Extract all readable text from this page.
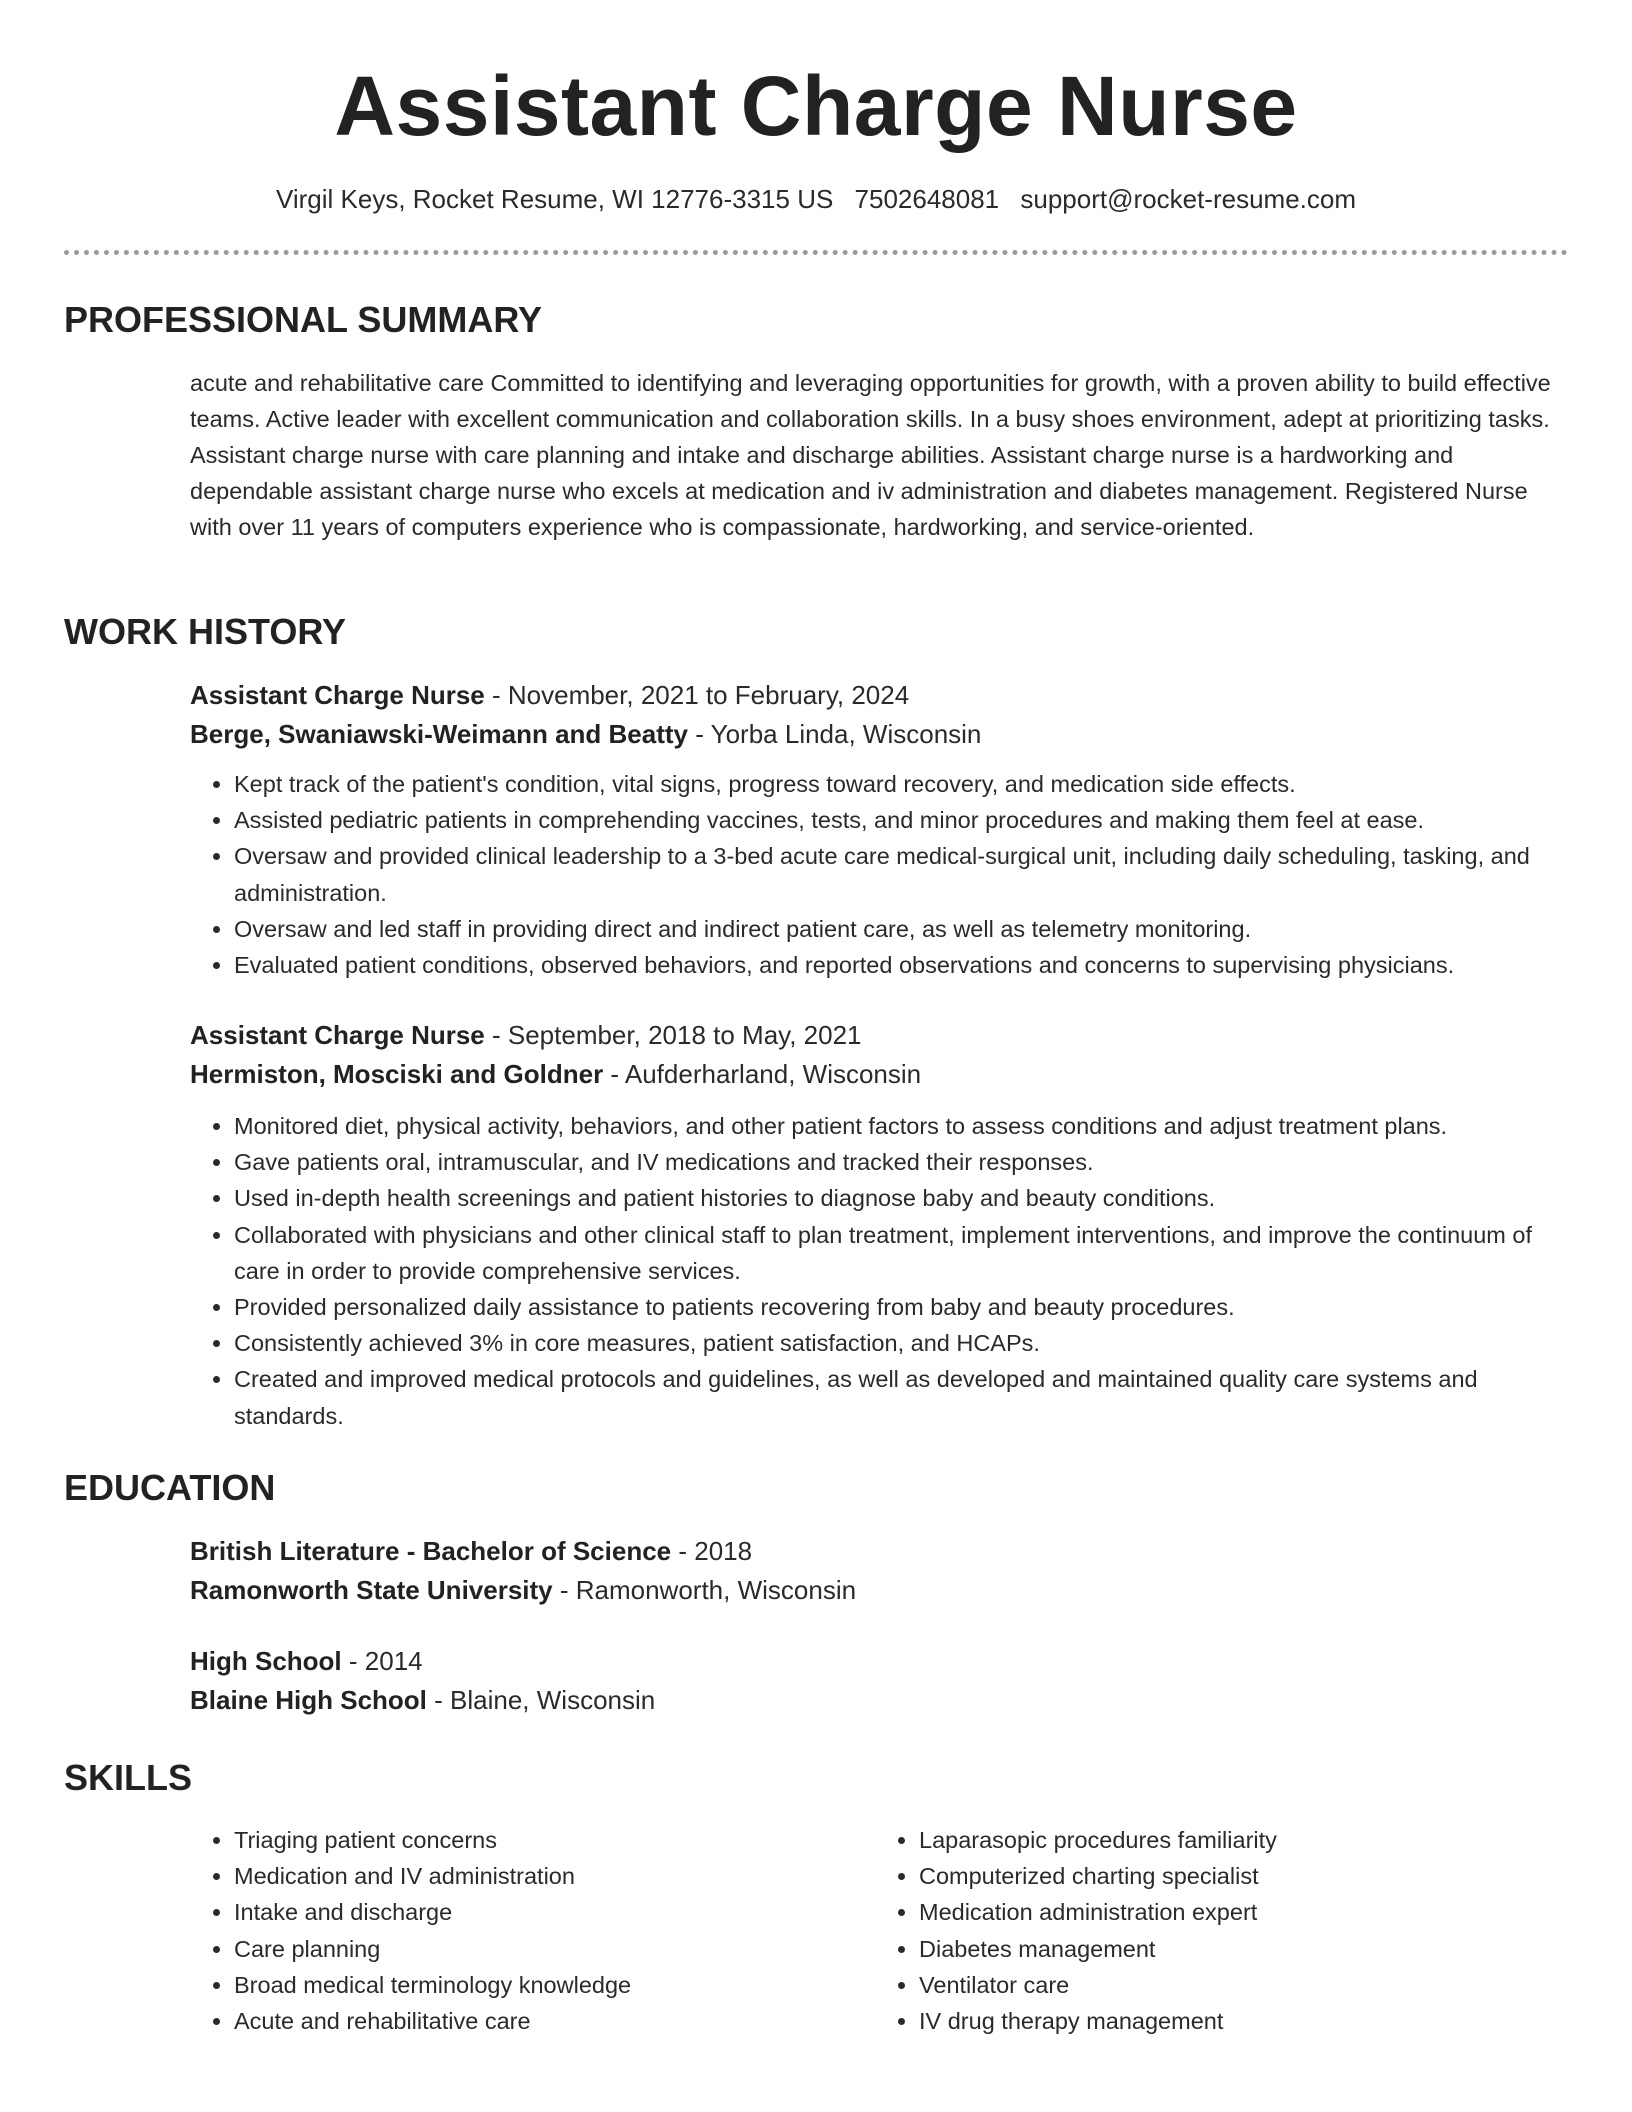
Assistant Charge Nurse
Virgil Keys, Rocket Resume, WI 12776-3315 US 7502648081 support@rocket-resume.com
PROFESSIONAL SUMMARY

acute and rehabilitative care Committed to identifying and leveraging opportunities for growth, with a proven ability to build effective teams. Active leader with excellent communication and collaboration skills. In a busy shoes environment, adept at prioritizing tasks. Assistant charge nurse with care planning and intake and discharge abilities. Assistant charge nurse is a hardworking and dependable assistant charge nurse who excels at medication and iv administration and diabetes management. Registered Nurse with over 11 years of computers experience who is compassionate, hardworking, and service-oriented.

WORK HISTORY

Assistant Charge Nurse - November, 2021 to February, 2024

Berge, Swaniawski-Weimann and Beatty - Yorba Linda, Wisconsin

• Kept track of the patient's condition, vital signs, progress toward recovery, and medication side effects.
• Assisted pediatric patients in comprehending vaccines, tests, and minor procedures and making them feel at ease.
• Oversaw and provided clinical leadership to a 3-bed acute care medical-surgical unit, including daily scheduling, tasking, and administration.
• Oversaw and led staff in providing direct and indirect patient care, as well as telemetry monitoring.
• Evaluated patient conditions, observed behaviors, and reported observations and concerns to supervising physicians.

Assistant Charge Nurse - September, 2018 to May, 2021

Hermiston, Mosciski and Goldner - Aufderharland, Wisconsin

• Monitored diet, physical activity, behaviors, and other patient factors to assess conditions and adjust treatment plans.
• Gave patients oral, intramuscular, and IV medications and tracked their responses.
• Used in-depth health screenings and patient histories to diagnose baby and beauty conditions.
• Collaborated with physicians and other clinical staff to plan treatment, implement interventions, and improve the continuum of care in order to provide comprehensive services.
• Provided personalized daily assistance to patients recovering from baby and beauty procedures.
• Consistently achieved 3% in core measures, patient satisfaction, and HCAPs.
• Created and improved medical protocols and guidelines, as well as developed and maintained quality care systems and standards.
EDUCATION

British Literature - Bachelor of Science - 2018

Ramonworth State University - Ramonworth, Wisconsin

High School - 2014

Blaine High School - Blaine, Wisconsin

SKILLS
• Triaging patient concerns
• Medication and IV administration
• Intake and discharge
• Care planning
• Broad medical terminology knowledge
• Acute and rehabilitative care
• Laparasopic procedures familiarity
• Computerized charting specialist
• Medication administration expert
• Diabetes management
• Ventilator care
• IV drug therapy management
